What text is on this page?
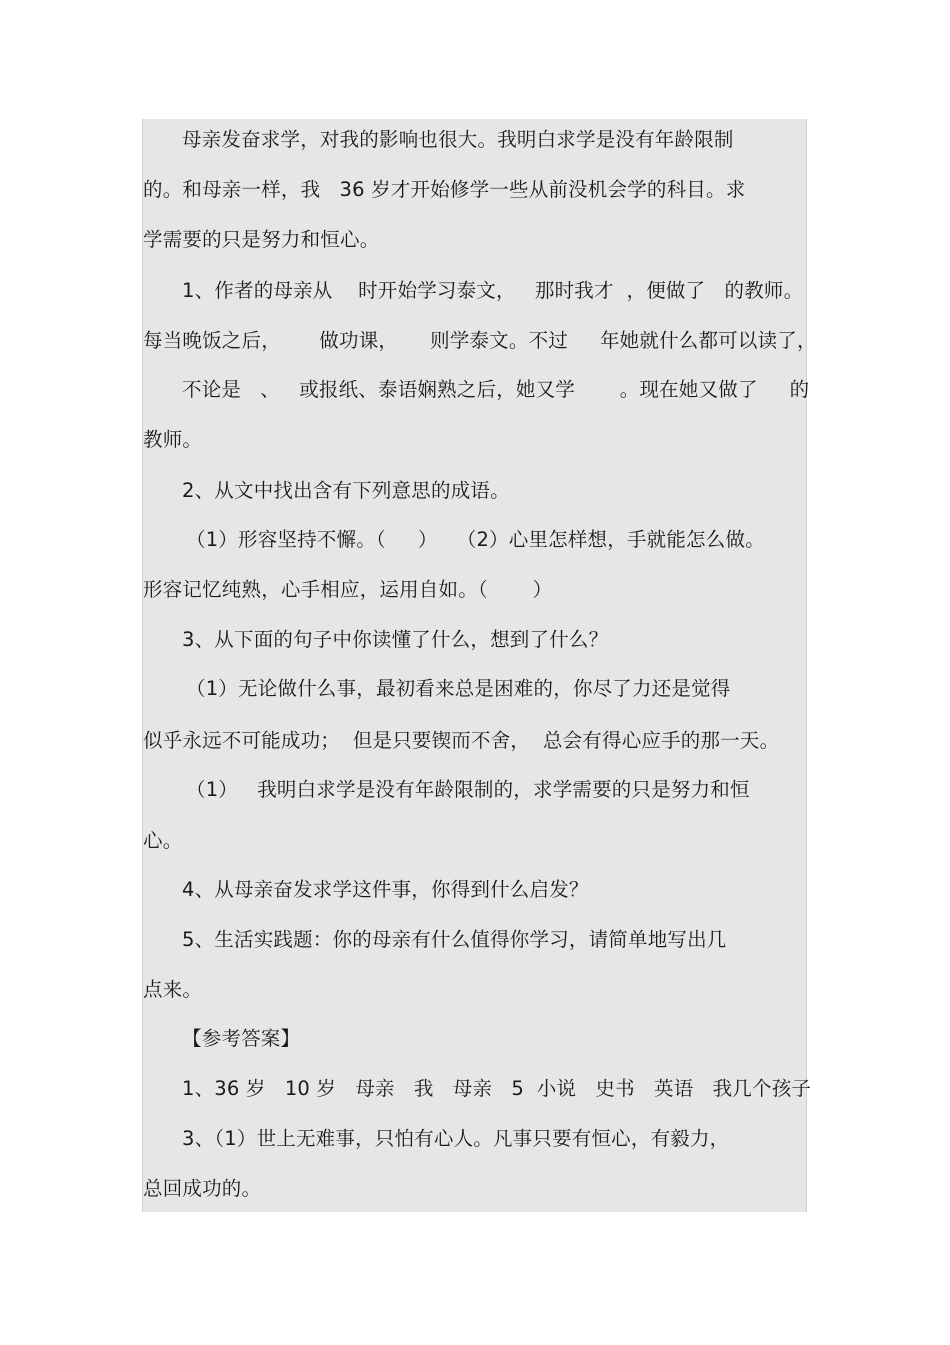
母亲发奋求学，对我的影响也很大。我明白求学是没有年龄限制
的。和母亲一样，我   36 岁才开始修学一些从前没机会学的科目。求
学需要的只是努力和恒心。
1、作者的母亲从    时开始学习泰文，   那时我才  ，便做了   的教师。
每当晚饭之后，      做功课，     则学泰文。不过     年她就什么都可以读了，
不论是   、   或报纸、泰语娴熟之后，她又学       。现在她又做了     的
教师。
2、从文中找出含有下列意思的成语。
（1）形容坚持不懈。（     ）   （2）心里怎样想，手就能怎么做。
形容记忆纯熟，心手相应，运用自如。（       ）
3、从下面的句子中你读懂了什么，想到了什么？
（1）无论做什么事，最初看来总是困难的，你尽了力还是觉得
似乎永远不可能成功；  但是只要锲而不舍，  总会有得心应手的那一天。
（1）   我明白求学是没有年龄限制的，求学需要的只是努力和恒
心。
4、从母亲奋发求学这件事，你得到什么启发？
5、生活实践题：你的母亲有什么值得你学习，请简单地写出几
点来。
【参考答案】
1、36 岁   10 岁   母亲   我   母亲   5  小说   史书   英语   我几个孩子
3、（1）世上无难事，只怕有心人。凡事只要有恒心，有毅力，
总回成功的。
